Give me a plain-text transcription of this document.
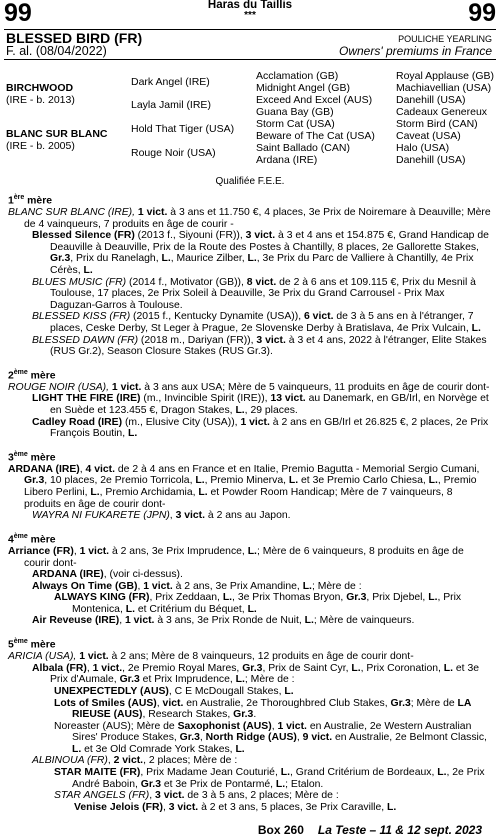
99	Haras du Taillis
***	99
BLESSED BIRD (FR)
F. al. (08/04/2022)
POULICHE YEARLING
Owners' premiums in France
BIRCHWOOD
(IRE - b. 2013)
BLANC SUR BLANC
(IRE - b. 2005)
Dark Angel (IRE)
Layla Jamil (IRE)
Hold That Tiger (USA)
Rouge Noir (USA)
Acclamation (GB)
Midnight Angel (GB)
Exceed And Excel (AUS)
Guana Bay (GB)
Storm Cat (USA)
Beware of The Cat (USA)
Saint Ballado (CAN)
Ardana (IRE)
Royal Applause (GB)
Machiavellian (USA)
Danehill (USA)
Cadeaux Genereux
Storm Bird (CAN)
Caveat (USA)
Halo (USA)
Danehill (USA)
Qualifiée F.E.E.
1ère mère
BLANC SUR BLANC (IRE), 1 vict. à 3 ans et 11.750 €, 4 places, 3e Prix de Noiremare à Deauville; Mère de 4 vainqueurs, 7 produits en âge de courir -
Blessed Silence (FR) (2013 f., Siyouni (FR)), 3 vict. à 3 et 4 ans et 154.875 €, Grand Handicap de Deauville à Deauville, Prix de la Route des Postes à Chantilly, 8 places, 2e Gallorette Stakes, Gr.3, Prix du Ranelagh, L., Maurice Zilber, L., 3e Prix du Parc de Valliere à Chantilly, 4e Prix Cérès, L.
BLUES MUSIC (FR) (2014 f., Motivator (GB)), 8 vict. de 2 à 6 ans et 109.115 €, Prix du Mesnil à Toulouse, 17 places, 2e Prix Soleil à Deauville, 3e Prix du Grand Carrousel - Prix Max Daguzan-Garros à Toulouse.
BLESSED KISS (FR) (2015 f., Kentucky Dynamite (USA)), 6 vict. de 3 à 5 ans en à l'étranger, 7 places, Ceske Derby, St Leger à Prague, 2e Slovenske Derby à Bratislava, 4e Prix Vulcain, L.
BLESSED DAWN (FR) (2018 m., Dariyan (FR)), 3 vict. à 3 et 4 ans, 2022 à l'étranger, Elite Stakes (RUS Gr.2), Season Closure Stakes (RUS Gr.3).
2ème mère
ROUGE NOIR (USA), 1 vict. à 3 ans aux USA; Mère de 5 vainqueurs, 11 produits en âge de courir dont-
LIGHT THE FIRE (IRE) (m., Invincible Spirit (IRE)), 13 vict. au Danemark, en GB/Irl, en Norvège et en Suède et 123.455 €, Dragon Stakes, L., 29 places.
Cadley Road (IRE) (m., Elusive City (USA)), 1 vict. à 2 ans en GB/Irl et 26.825 €, 2 places, 2e Prix François Boutin, L.
3ème mère
ARDANA (IRE), 4 vict. de 2 à 4 ans en France et en Italie, Premio Bagutta - Memorial Sergio Cumani, Gr.3, 10 places, 2e Premio Torricola, L., Premio Minerva, L. et 3e Premio Carlo Chiesa, L., Premio Libero Perlini, L., Premio Archidamia, L. et Powder Room Handicap; Mère de 7 vainqueurs, 8 produits en âge de courir dont-
WAYRA NI FUKARETE (JPN), 3 vict. à 2 ans au Japon.
4ème mère
Arriance (FR), 1 vict. à 2 ans, 3e Prix Imprudence, L.; Mère de 6 vainqueurs, 8 produits en âge de courir dont-
ARDANA (IRE), (voir ci-dessus).
Always On Time (GB), 1 vict. à 2 ans, 3e Prix Amandine, L.; Mère de :
ALWAYS KING (FR), Prix Zeddaan, L., 3e Prix Thomas Bryon, Gr.3, Prix Djebel, L., Prix Montenica, L. et Critérium du Béquet, L.
Air Reveuse (IRE), 1 vict. à 3 ans, 3e Prix Ronde de Nuit, L.; Mère de vainqueurs.
5ème mère
ARICIA (USA), 1 vict. à 2 ans; Mère de 8 vainqueurs, 12 produits en âge de courir dont-
Albala (FR), 1 vict., 2e Premio Royal Mares, Gr.3, Prix de Saint Cyr, L., Prix Coronation, L. et 3e Prix d'Aumale, Gr.3 et Prix Imprudence, L.; Mère de :
UNEXPECTEDLY (AUS), C E McDougall Stakes, L.
Lots of Smiles (AUS), vict. en Australie, 2e Thoroughbred Club Stakes, Gr.3; Mère de LA RIEUSE (AUS), Research Stakes, Gr.3.
Noreaster (AUS); Mère de Saxophonist (AUS), 1 vict. en Australie, 2e Western Australian Sires' Produce Stakes, Gr.3, North Ridge (AUS), 9 vict. en Australie, 2e Belmont Classic, L. et 3e Old Comrade York Stakes, L.
ALBINOUA (FR), 2 vict., 2 places; Mère de :
STAR MAITE (FR), Prix Madame Jean Couturié, L., Grand Critérium de Bordeaux, L., 2e Prix André Baboin, Gr.3 et 3e Prix de Pontarmé, L.; Etalon.
STAR ANGELS (FR), 3 vict. de 3 à 5 ans, 2 places; Mère de :
Venise Jelois (FR), 3 vict. à 2 et 3 ans, 5 places, 3e Prix Caraville, L.
Box 260 La Teste – 11 & 12 sept. 2023
